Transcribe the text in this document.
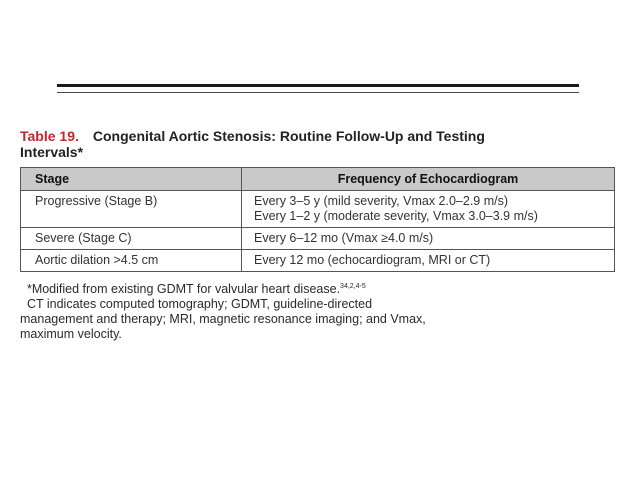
Table 19. Congenital Aortic Stenosis: Routine Follow-Up and Testing
Intervals*
Stage	Frequency of Echocardiogram
Progressive (Stage B)	Every 3–5 y (mild severity, Vmax 2.0–2.9 m/s)
Every 1–2 y (moderate severity, Vmax 3.0–3.9 m/s)

Severe (Stage C)	Every 6–12 mo (Vmax ≥4.0 m/s)

Aortic dilation >4.5 cm	Every 12 mo (echocardiogram, MRI or CT)
*Modified from existing GDMT for valvular heart disease.$^{34,2,4-5}$
CT indicates computed tomography; GDMT, guideline-directed
management and therapy; MRI, magnetic resonance imaging; and Vmax,
maximum velocity.
